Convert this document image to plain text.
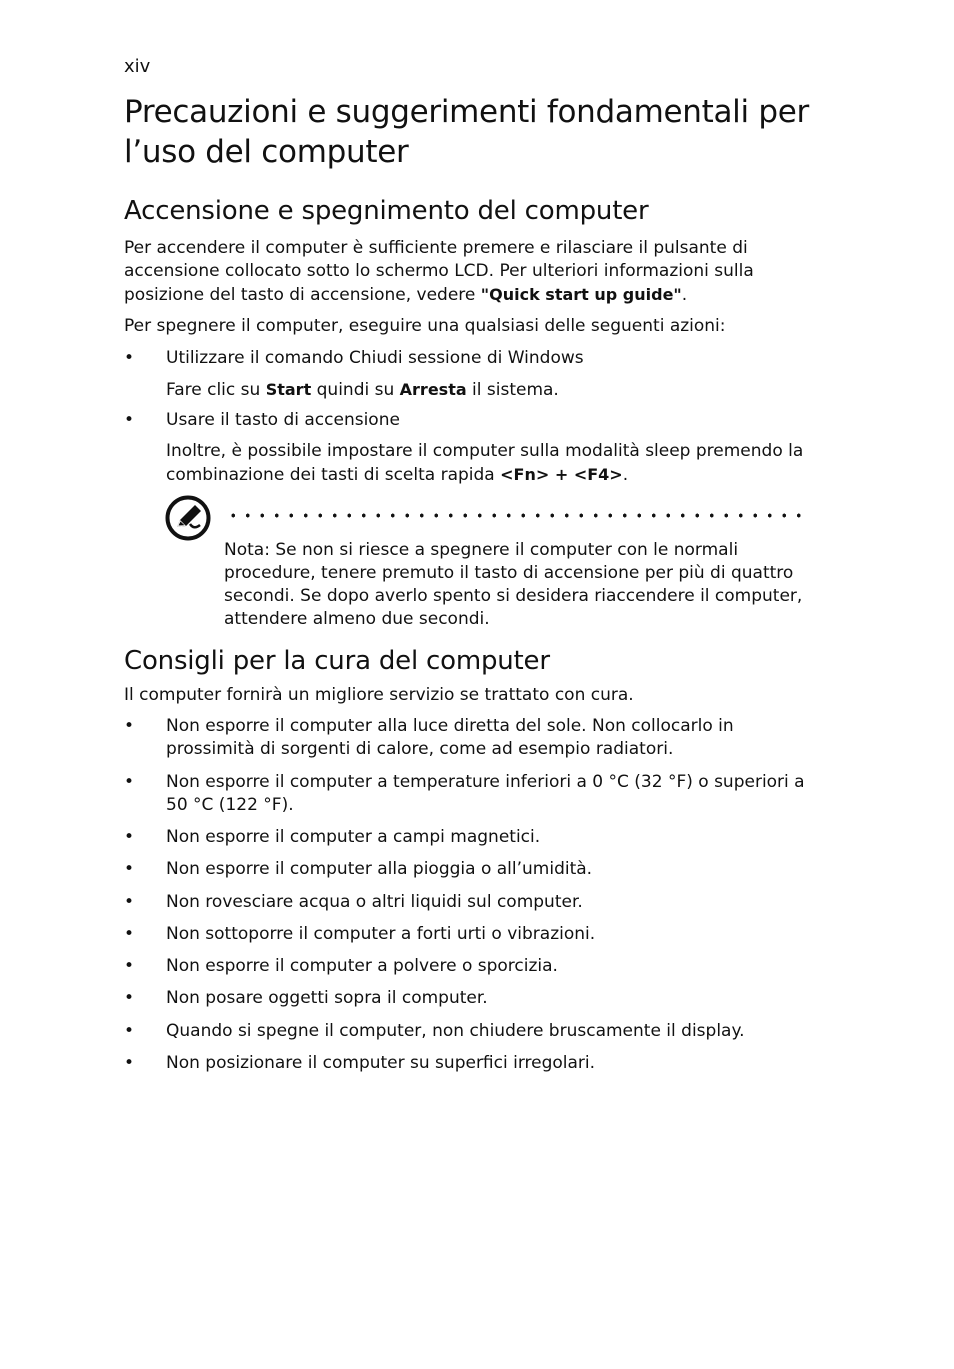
xiv
Precauzioni e suggerimenti fondamentali per l’uso del computer
Accensione e spegnimento del computer

Per accendere il computer è sufficiente premere e rilasciare il pulsante di accensione collocato sotto lo schermo LCD. Per ulteriori informazioni sulla posizione del tasto di accensione, vedere "Quick start up guide".

Per spegnere il computer, eseguire una qualsiasi delle seguenti azioni:

• Utilizzare il comando Chiudi sessione di Windows

Fare clic su Start quindi su Arresta il sistema.

• Usare il tasto di accensione

Inoltre, è possibile impostare il computer sulla modalità sleep premendo la combinazione dei tasti di scelta rapida <Fn> + <F4>.

Nota: Se non si riesce a spegnere il computer con le normali procedure, tenere premuto il tasto di accensione per più di quattro secondi. Se dopo averlo spento si desidera riaccendere il computer, attendere almeno due secondi.

Consigli per la cura del computer

Il computer fornirà un migliore servizio se trattato con cura.

• Non esporre il computer alla luce diretta del sole. Non collocarlo in prossimità di sorgenti di calore, come ad esempio radiatori.

• Non esporre il computer a temperature inferiori a 0 °C (32 °F) o superiori a 50 °C (122 °F).

• Non esporre il computer a campi magnetici.

• Non esporre il computer alla pioggia o all’umidità.

• Non rovesciare acqua o altri liquidi sul computer.

• Non sottoporre il computer a forti urti o vibrazioni.

• Non esporre il computer a polvere o sporcizia.

• Non posare oggetti sopra il computer.

• Quando si spegne il computer, non chiudere bruscamente il display.

• Non posizionare il computer su superfici irregolari.
